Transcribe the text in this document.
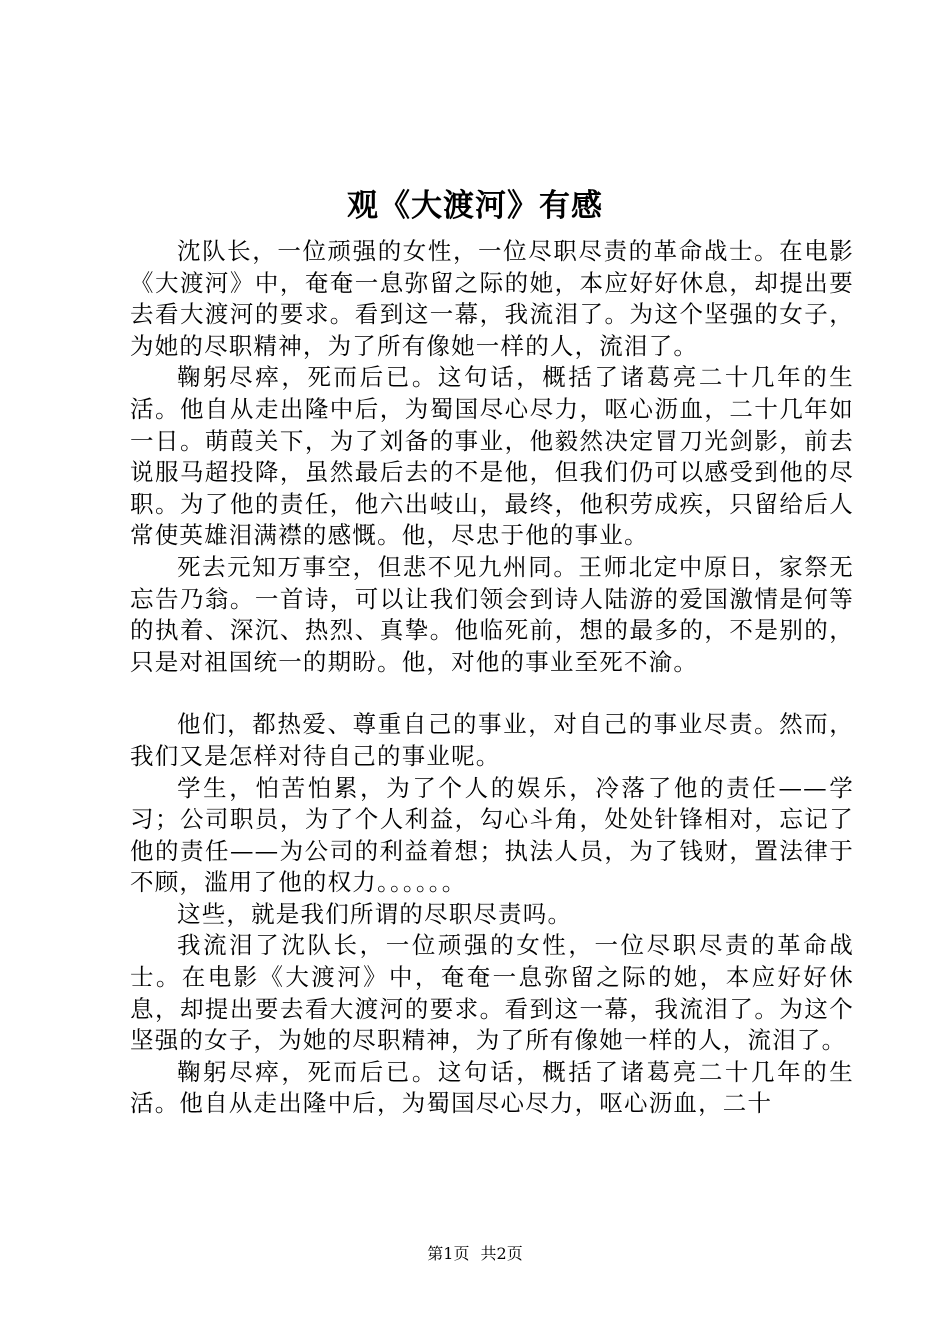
观《大渡河》有感

沈队长，一位顽强的女性，一位尽职尽责的革命战士。在电影《大渡河》中，奄奄一息弥留之际的她，本应好好休息，却提出要去看大渡河的要求。看到这一幕，我流泪了。为这个坚强的女子，为她的尽职精神，为了所有像她一样的人，流泪了。

鞠躬尽瘁，死而后已。这句话，概括了诸葛亮二十几年的生活。他自从走出隆中后，为蜀国尽心尽力，呕心沥血，二十几年如一日。萌葭关下，为了刘备的事业，他毅然决定冒刀光剑影，前去说服马超投降，虽然最后去的不是他，但我们仍可以感受到他的尽职。为了他的责任，他六出岐山，最终，他积劳成疾，只留给后人常使英雄泪满襟的感慨。他，尽忠于他的事业。

死去元知万事空，但悲不见九州同。王师北定中原日，家祭无忘告乃翁。一首诗，可以让我们领会到诗人陆游的爱国激情是何等的执着、深沉、热烈、真挚。他临死前，想的最多的，不是别的，只是对祖国统一的期盼。他，对他的事业至死不渝。

他们，都热爱、尊重自己的事业，对自己的事业尽责。然而，我们又是怎样对待自己的事业呢。

学生，怕苦怕累，为了个人的娱乐，冷落了他的责任——学习；公司职员，为了个人利益，勾心斗角，处处针锋相对，忘记了他的责任——为公司的利益着想；执法人员，为了钱财，置法律于不顾，滥用了他的权力。。。。。。

这些，就是我们所谓的尽职尽责吗。

我流泪了沈队长，一位顽强的女性，一位尽职尽责的革命战士。在电影《大渡河》中，奄奄一息弥留之际的她，本应好好休息，却提出要去看大渡河的要求。看到这一幕，我流泪了。为这个坚强的女子，为她的尽职精神，为了所有像她一样的人，流泪了。

鞠躬尽瘁，死而后已。这句话，概括了诸葛亮二十几年的生活。他自从走出隆中后，为蜀国尽心尽力，呕心沥血，二十

第1页 共2页
